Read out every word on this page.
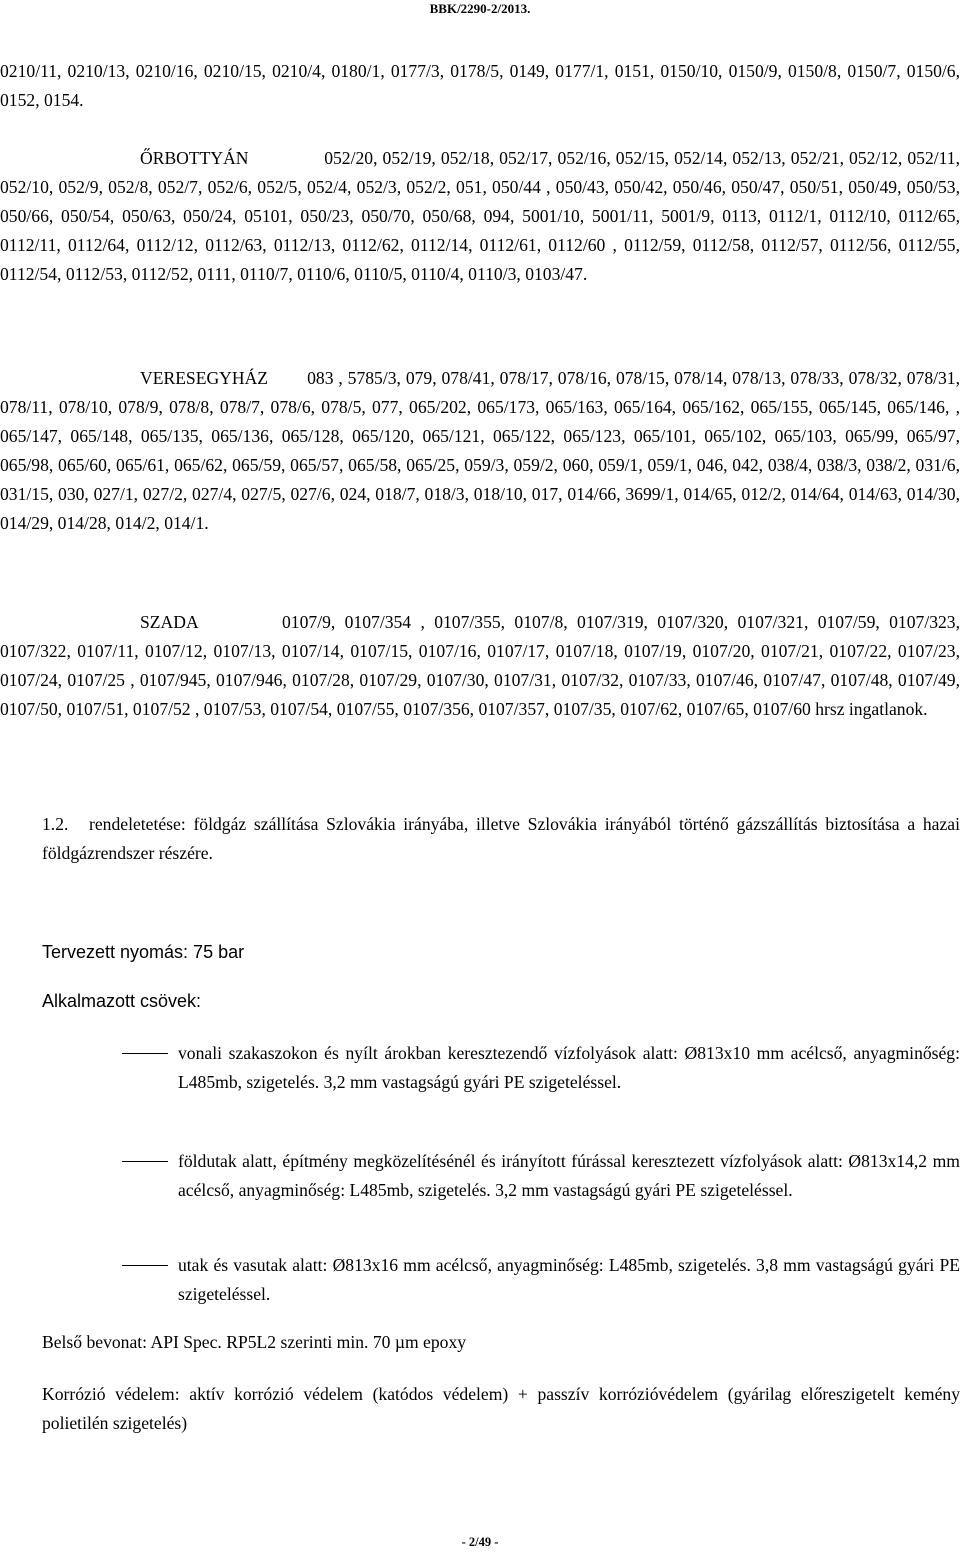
BBK/2290-2/2013.

0210/11, 0210/13, 0210/16, 0210/15, 0210/4, 0180/1, 0177/3, 0178/5, 0149, 0177/1, 0151, 0150/10, 0150/9, 0150/8, 0150/7, 0150/6, 0152, 0154.

ŐRBOTTYÁN	052/20, 052/19, 052/18, 052/17, 052/16, 052/15, 052/14, 052/13, 052/21, 052/12, 052/11, 052/10, 052/9, 052/8, 052/7, 052/6, 052/5, 052/4, 052/3, 052/2, 051, 050/44 , 050/43, 050/42, 050/46, 050/47, 050/51, 050/49, 050/53, 050/66, 050/54, 050/63, 050/24, 05101, 050/23, 050/70, 050/68, 094, 5001/10, 5001/11, 5001/9, 0113, 0112/1, 0112/10, 0112/65, 0112/11, 0112/64, 0112/12, 0112/63, 0112/13, 0112/62, 0112/14, 0112/61, 0112/60 , 0112/59, 0112/58, 0112/57, 0112/56, 0112/55, 0112/54, 0112/53, 0112/52, 0111, 0110/7, 0110/6, 0110/5, 0110/4, 0110/3, 0103/47.

VERESEGYHÁZ 083 , 5785/3, 079, 078/41, 078/17, 078/16, 078/15, 078/14, 078/13, 078/33, 078/32, 078/31, 078/11, 078/10, 078/9, 078/8, 078/7, 078/6, 078/5, 077, 065/202, 065/173, 065/163, 065/164, 065/162, 065/155, 065/145, 065/146, , 065/147, 065/148, 065/135, 065/136, 065/128, 065/120, 065/121, 065/122, 065/123, 065/101, 065/102, 065/103, 065/99, 065/97, 065/98, 065/60, 065/61, 065/62, 065/59, 065/57, 065/58, 065/25, 059/3, 059/2, 060, 059/1, 059/1, 046, 042, 038/4, 038/3, 038/2, 031/6, 031/15, 030, 027/1, 027/2, 027/4, 027/5, 027/6, 024, 018/7, 018/3, 018/10, 017, 014/66, 3699/1, 014/65, 012/2, 014/64, 014/63, 014/30, 014/29, 014/28, 014/2, 014/1.

SZADA	0107/9, 0107/354 , 0107/355, 0107/8, 0107/319, 0107/320, 0107/321, 0107/59, 0107/323, 0107/322, 0107/11, 0107/12, 0107/13, 0107/14, 0107/15, 0107/16, 0107/17, 0107/18, 0107/19, 0107/20, 0107/21, 0107/22, 0107/23, 0107/24, 0107/25 , 0107/945, 0107/946, 0107/28, 0107/29, 0107/30, 0107/31, 0107/32, 0107/33, 0107/46, 0107/47, 0107/48, 0107/49, 0107/50, 0107/51, 0107/52 , 0107/53, 0107/54, 0107/55, 0107/356, 0107/357, 0107/35, 0107/62, 0107/65, 0107/60 hrsz ingatlanok.

1.2. rendeletetése: földgáz szállítása Szlovákia irányába, illetve Szlovákia irányából történő gázszállítás biztosítása a hazai földgázrendszer részére.

Tervezett nyomás: 75 bar

Alkalmazott csövek:

vonali szakaszokon és nyílt árokban keresztezendő vízfolyások alatt: Ø813x10 mm acélcső, anyagminőség: L485mb, szigetelés. 3,2 mm vastagságú gyári PE szigeteléssel.

földutak alatt, építmény megközelítésénél és irányított fúrással keresztezett vízfolyások alatt: Ø813x14,2 mm acélcső, anyagminőség: L485mb, szigetelés. 3,2 mm vastagságú gyári PE szigeteléssel.

utak és vasutak alatt: Ø813x16 mm acélcső, anyagminőség: L485mb, szigetelés. 3,8 mm vastagságú gyári PE szigeteléssel.

Belső bevonat: API Spec. RP5L2 szerinti min. 70 µm epoxy

Korrózió védelem: aktív korrózió védelem (katódos védelem) + passzív korrózióvédelem (gyárilag előreszigetelt kemény polietilén szigetelés)

- 2/49 -
